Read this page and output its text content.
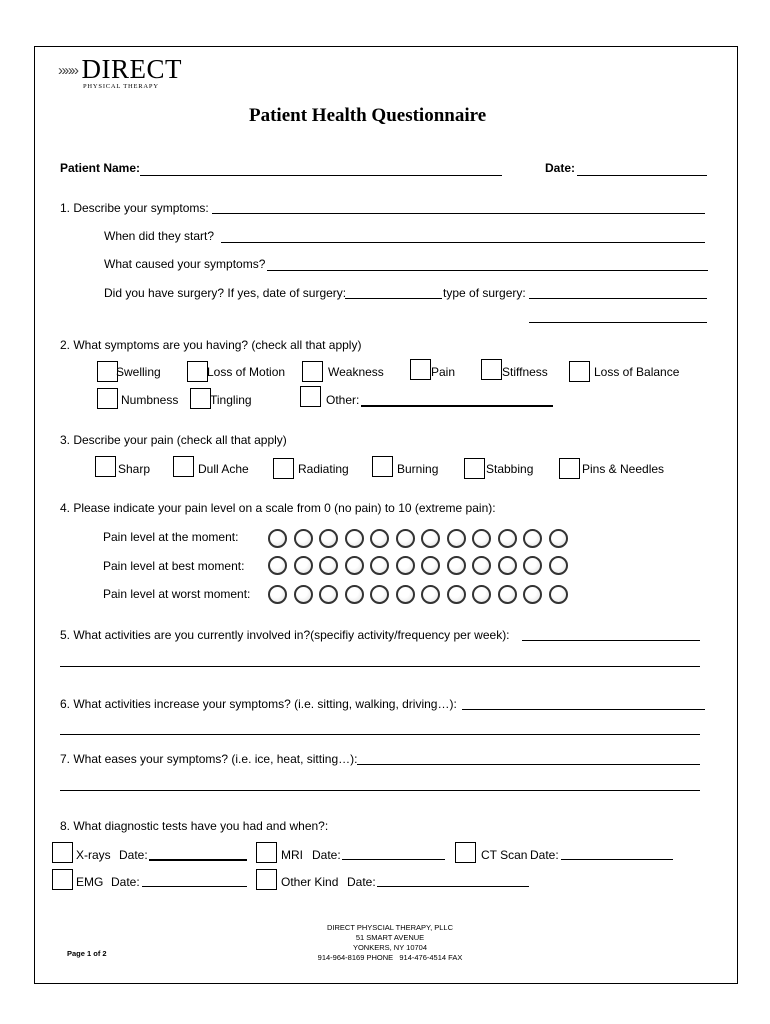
»»» DIRECT
PHYSICAL THERAPY
Patient Health Questionnaire
Patient Name:	Date:
1. Describe your symptoms:
When did they start?
What caused your symptoms?
Did you have surgery? If yes, date of surgery:	type of surgery:
2. What symptoms are you having? (check all that apply)
Swelling	Loss of Motion	Weakness	Pain	Stiffness	Loss of Balance
Numbness	Tingling	Other:
3. Describe your pain (check all that apply)
Sharp	Dull Ache	Radiating	Burning	Stabbing	Pins & Needles
4. Please indicate your pain level on a scale from 0 (no pain) to 10 (extreme pain):
Pain level at the moment:
Pain level at best moment:
Pain level at worst moment:
5. What activities are you currently involved in?(specifiy activity/frequency per week):
6. What activities increase your symptoms? (i.e. sitting, walking, driving…):
7. What eases your symptoms? (i.e. ice, heat, sitting…):
8. What diagnostic tests have you had and when?:
X-rays Date:	MRI Date:	CT Scan Date:
EMG Date:	Other Kind Date:
DIRECT PHYSCIAL THERAPY, PLLC
51 SMART AVENUE
YONKERS, NY 10704
914-964-8169 PHONE   914-476-4514 FAX
Page 1 of 2
